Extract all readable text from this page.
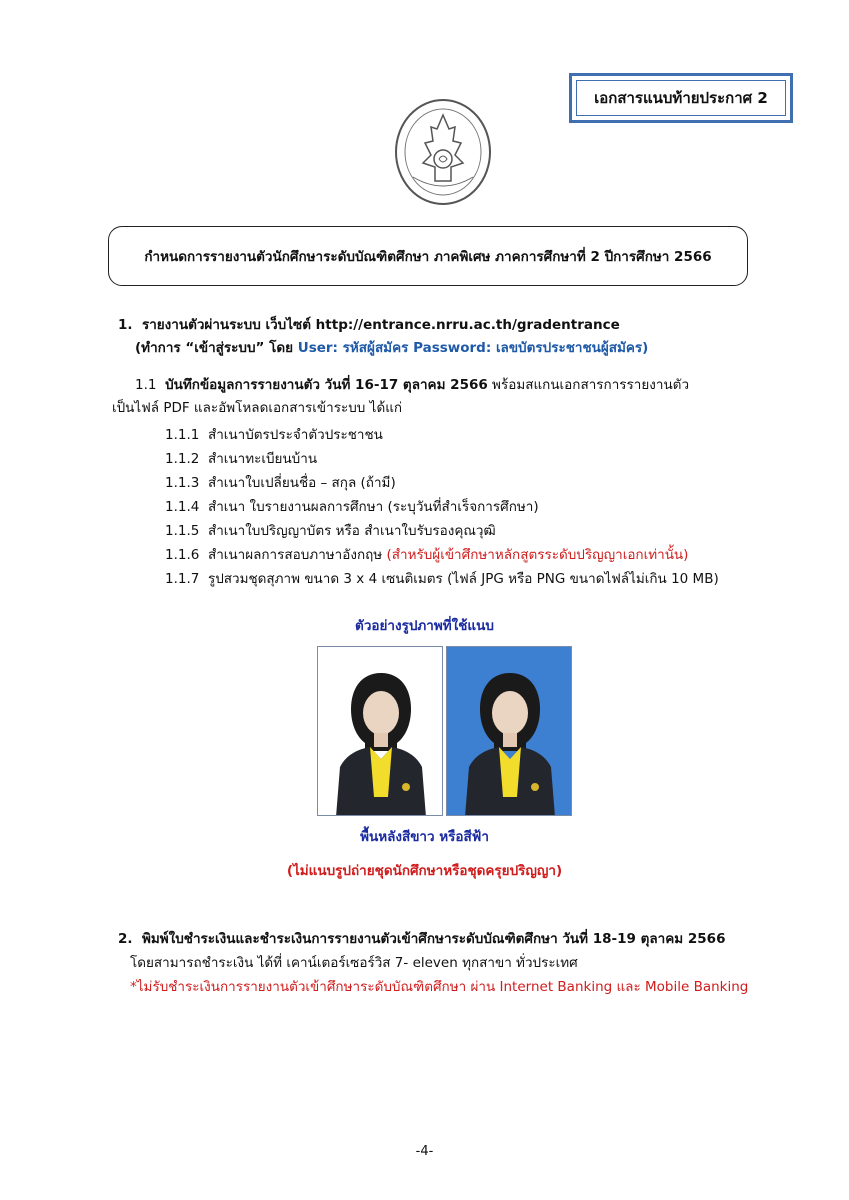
เอกสารแนบท้ายประกาศ 2
กำหนดการรายงานตัวนักศึกษาระดับบัณฑิตศึกษา ภาคพิเศษ ภาคการศึกษาที่ 2 ปีการศึกษา 2566
1. รายงานตัวผ่านระบบ เว็บไซต์ http://entrance.nrru.ac.th/gradentrance
(ทำการ “เข้าสู่ระบบ” โดย User: รหัสผู้สมัคร Password: เลขบัตรประชาชนผู้สมัคร)
1.1 บันทึกข้อมูลการรายงานตัว วันที่ 16-17 ตุลาคม 2566 พร้อมสแกนเอกสารการรายงานตัว
เป็นไฟล์ PDF และอัพโหลดเอกสารเข้าระบบ ได้แก่
1.1.1 สำเนาบัตรประจำตัวประชาชน
1.1.2 สำเนาทะเบียนบ้าน
1.1.3 สำเนาใบเปลี่ยนชื่อ – สกุล (ถ้ามี)
1.1.4 สำเนา ใบรายงานผลการศึกษา (ระบุวันที่สำเร็จการศึกษา)
1.1.5 สำเนาใบปริญญาบัตร หรือ สำเนาใบรับรองคุณวุฒิ
1.1.6 สำเนาผลการสอบภาษาอังกฤษ (สำหรับผู้เข้าศึกษาหลักสูตรระดับปริญญาเอกเท่านั้น)
1.1.7 รูปสวมชุดสุภาพ ขนาด 3 x 4 เซนติเมตร (ไฟล์ JPG หรือ PNG ขนาดไฟล์ไม่เกิน 10 MB)
ตัวอย่างรูปภาพที่ใช้แนบ
พื้นหลังสีขาว หรือสีฟ้า
(ไม่แนบรูปถ่ายชุดนักศึกษาหรือชุดครุยปริญญา)
2. พิมพ์ใบชำระเงินและชำระเงินการรายงานตัวเข้าศึกษาระดับบัณฑิตศึกษา วันที่ 18-19 ตุลาคม 2566
โดยสามารถชำระเงิน ได้ที่ เคาน์เตอร์เซอร์วิส 7- eleven ทุกสาขา ทั่วประเทศ
*ไม่รับชำระเงินการรายงานตัวเข้าศึกษาระดับบัณฑิตศึกษา ผ่าน Internet Banking และ Mobile Banking
-4-
